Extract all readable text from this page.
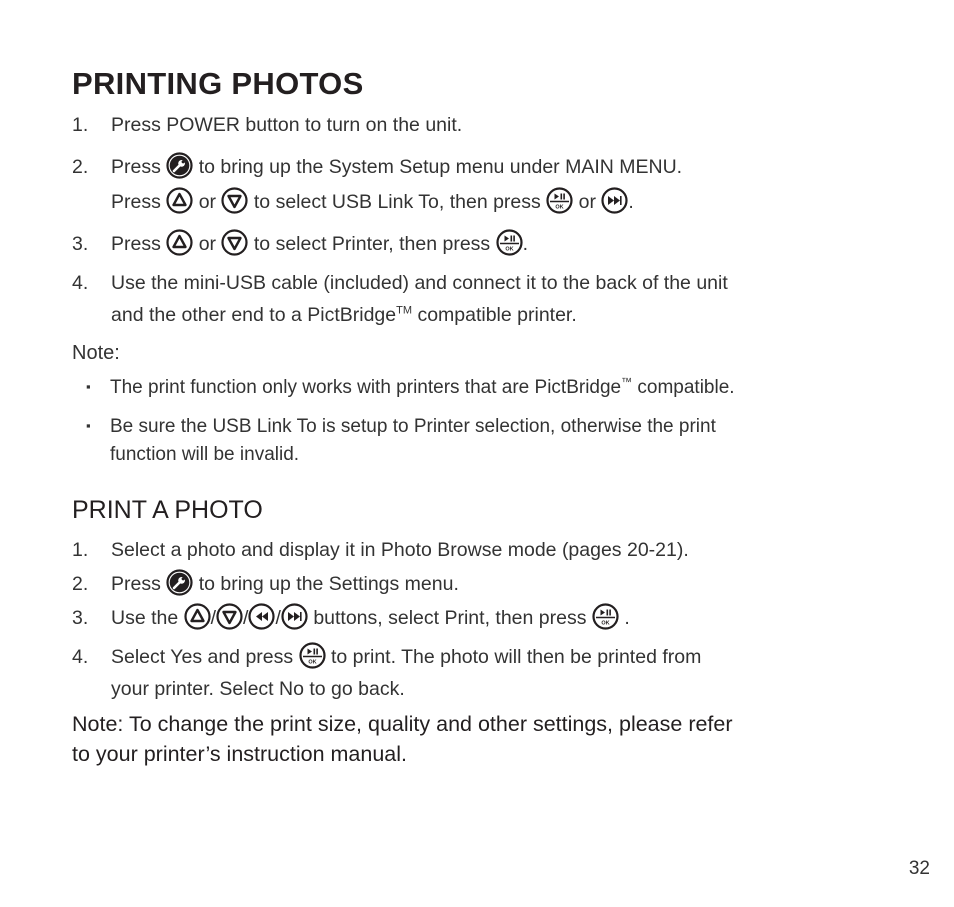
PRINTING PHOTOS
1. Press POWER button to turn on the unit.
2. Press to bring up the System Setup menu under MAIN MENU.
Press or to select USB Link To, then press	OK or .
3. Press or to select Printer, then press	OK .
4. Use the mini-USB cable (included) and connect it to the back of the unit
and the other end to a PictBridge™ compatible printer.
Note:
▪ The print function only works with printers that are PictBridge™ compatible.
▪ Be sure the USB Link To is setup to Printer selection, otherwise the print
function will be invalid.
PRINT A PHOTO
1. Select a photo and display it in Photo Browse mode (pages 20-21).
2. Press to bring up the Settings menu.
3. Use the / / / buttons, select Print, then press	OK .
4. Select Yes and press	OK to print. The photo will then be printed from
your printer. Select No to go back.
Note: To change the print size, quality and other settings, please refer
to your printer’s instruction manual.
32
